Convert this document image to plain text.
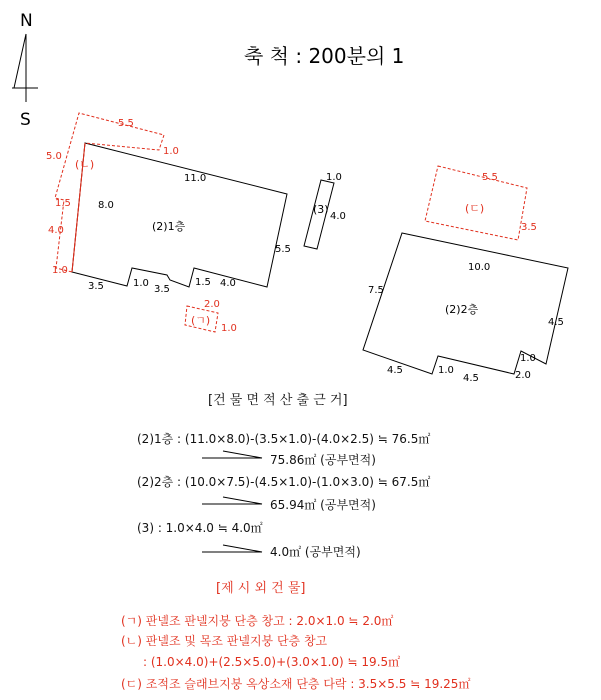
N
S
(2)1층
11.0
8.0
5.5
3.5	1.0
3.5
1.5 4.0
(3)
1.0
4.0
(2)2층
10.0
7.5
4.5
4.5	1.0
4.5	2.0
1.0
(ㄴ)
5.5
5.0	1.0
1.5
4.0
1.0
(ㄱ)
2.0
1.0
(ㄷ)
5.5
3.5
축 척 : 200분의 1
[건 물 면 적 산 출 근 거]
(2)1층 : (11.0×8.0)-(3.5×1.0)-(4.0×2.5) ≒ 76.5㎡
75.86㎡ (공부면적)
(2)2층 : (10.0×7.5)-(4.5×1.0)-(1.0×3.0) ≒ 67.5㎡
65.94㎡ (공부면적)
(3) : 1.0×4.0 ≒ 4.0㎡
4.0㎡ (공부면적)
[제 시 외 건 물]
(ㄱ) 판넬조 판넬지붕 단층 창고 : 2.0×1.0 ≒ 2.0㎡
(ㄴ) 판넬조 및 목조 판넬지붕 단층 창고
: (1.0×4.0)+(2.5×5.0)+(3.0×1.0) ≒ 19.5㎡
(ㄷ) 조적조 슬래브지붕 옥상소재 단층 다락 : 3.5×5.5 ≒ 19.25㎡
